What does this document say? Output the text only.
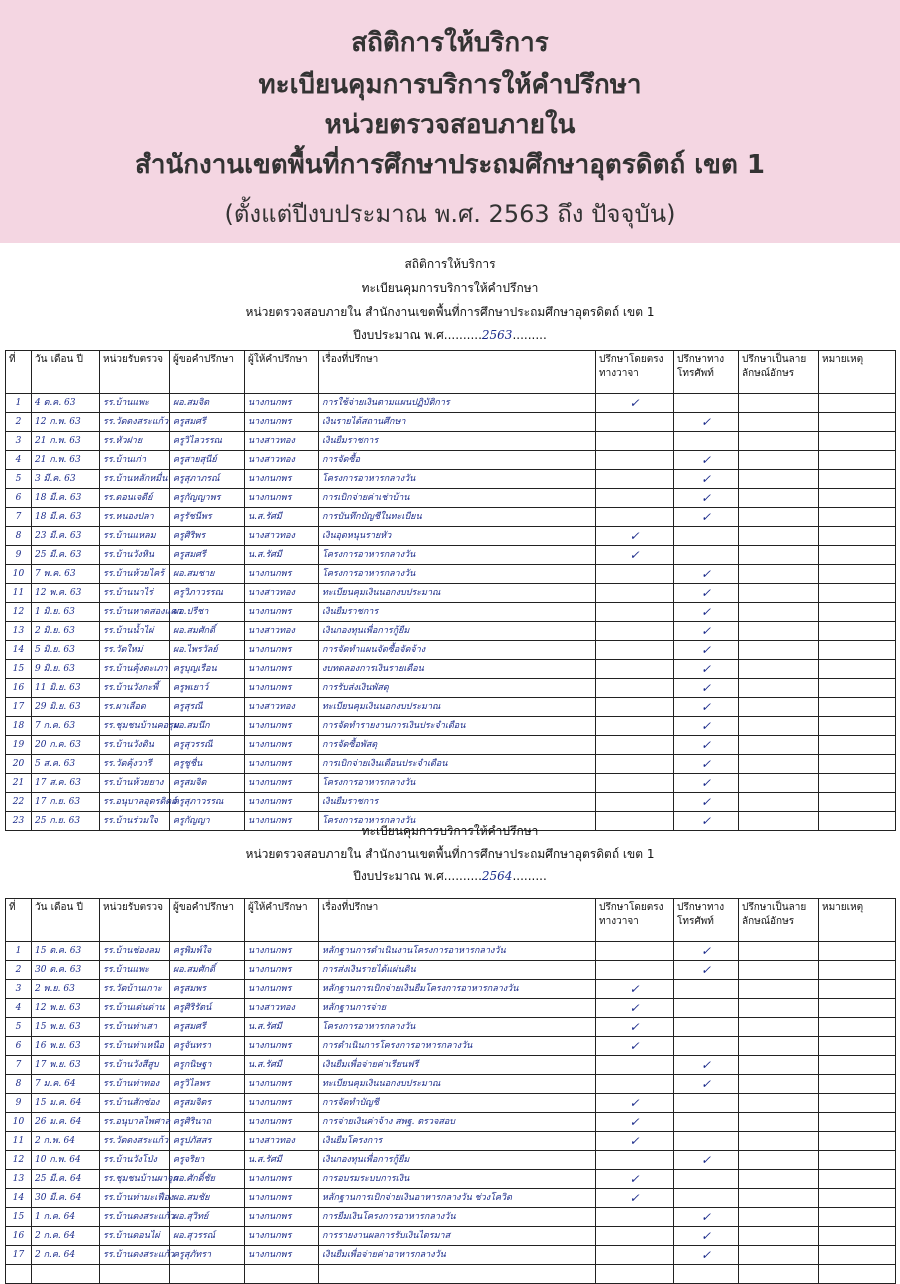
สถิติการให้บริการ
ทะเบียนคุมการบริการให้คำปรึกษา
หน่วยตรวจสอบภายใน
สำนักงานเขตพื้นที่การศึกษาประถมศึกษาอุตรดิตถ์ เขต 1
(ตั้งแต่ปีงบประมาณ พ.ศ. 2563 ถึง ปัจจุบัน)
สถิติการให้บริการ
ทะเบียนคุมการบริการให้คำปรึกษา
หน่วยตรวจสอบภายใน สำนักงานเขตพื้นที่การศึกษาประถมศึกษาอุตรดิตถ์ เขต 1
ปีงบประมาณ พ.ศ..........2563.........
ที่	วัน เดือน ปี	หน่วยรับตรวจ	ผู้ขอคำปรึกษา	ผู้ให้คำปรึกษา	เรื่องที่ปรึกษา	ปรึกษาโดยตรงทางวาจา	ปรึกษาทางโทรศัพท์	ปรึกษาเป็นลายลักษณ์อักษร	หมายเหตุ
1	4 ต.ค. 63	รร.บ้านแพะ	ผอ.สมจิต	นางกนกพร	การใช้จ่ายเงินตามแผนปฏิบัติการ	✓			
2	12 ก.พ. 63	รร.วัดดงสระแก้ว	ครูสมศรี	นางกนกพร	เงินรายได้สถานศึกษา		✓		
3	21 ก.พ. 63	รร.หัวฝาย	ครูวิไลวรรณ	นางสาวทอง	เงินยืมราชการ				
4	21 ก.พ. 63	รร.บ้านเก่า	ครูสายสุนีย์	นางสาวทอง	การจัดซื้อ		✓		
5	3 มี.ค. 63	รร.บ้านหลักหมื่น	ครูสุภาภรณ์	นางกนกพร	โครงการอาหารกลางวัน		✓		
6	18 มี.ค. 63	รร.ดอนเจดีย์	ครูกัญญาพร	นางกนกพร	การเบิกจ่ายค่าเช่าบ้าน		✓		
7	18 มี.ค. 63	รร.หนองปลา	ครูรัชนีพร	น.ส.รัศมี	การบันทึกบัญชีในทะเบียน		✓		
8	23 มี.ค. 63	รร.บ้านแหลม	ครูศิริพร	นางสาวทอง	เงินอุดหนุนรายหัว	✓			
9	25 มี.ค. 63	รร.บ้านวังหิน	ครูสมศรี	น.ส.รัศมี	โครงการอาหารกลางวัน	✓			
10	7 พ.ค. 63	รร.บ้านห้วยไคร้	ผอ.สมชาย	นางกนกพร	โครงการอาหารกลางวัน		✓		
11	12 พ.ค. 63	รร.บ้านนาไร่	ครูวิภาวรรณ	นางสาวทอง	ทะเบียนคุมเงินนอกงบประมาณ		✓		
12	1 มิ.ย. 63	รร.บ้านหาดสองแคว	ผอ.ปรีชา	นางกนกพร	เงินยืมราชการ		✓		
13	2 มิ.ย. 63	รร.บ้านน้ำไผ่	ผอ.สมศักดิ์	นางสาวทอง	เงินกองทุนเพื่อการกู้ยืม		✓		
14	5 มิ.ย. 63	รร.วัดใหม่	ผอ.ไพรวัลย์	นางกนกพร	การจัดทำแผนจัดซื้อจัดจ้าง		✓		
15	9 มิ.ย. 63	รร.บ้านคุ้งตะเภา	ครูบุญเรือน	นางกนกพร	งบทดลองการเงินรายเดือน		✓		
16	11 มิ.ย. 63	รร.บ้านวังกะพี้	ครูพเยาว์	นางกนกพร	การรับส่งเงินพัสดุ		✓		
17	29 มิ.ย. 63	รร.ผาเลือด	ครูสุรณี	นางสาวทอง	ทะเบียนคุมเงินนอกงบประมาณ		✓		
18	7 ก.ค. 63	รร.ชุมชนบ้านคอรุม	ผอ.สมนึก	นางกนกพร	การจัดทำรายงานการเงินประจำเดือน		✓		
19	20 ก.ค. 63	รร.บ้านวังดิน	ครูสุวรรณี	นางกนกพร	การจัดซื้อพัสดุ		✓		
20	5 ส.ค. 63	รร.วัดคุ้งวารี	ครูชูชื่น	นางกนกพร	การเบิกจ่ายเงินเดือนประจำเดือน		✓		
21	17 ส.ค. 63	รร.บ้านห้วยยาง	ครูสมจิต	นางกนกพร	โครงการอาหารกลางวัน		✓		
22	17 ก.ย. 63	รร.อนุบาลอุตรดิตถ์	ครูสุภาวรรณ	นางกนกพร	เงินยืมราชการ		✓		
23	25 ก.ย. 63	รร.บ้านร่วมใจ	ครูกัญญา	นางกนกพร	โครงการอาหารกลางวัน		✓		
ทะเบียนคุมการบริการให้คำปรึกษา
หน่วยตรวจสอบภายใน สำนักงานเขตพื้นที่การศึกษาประถมศึกษาอุตรดิตถ์ เขต 1
ปีงบประมาณ พ.ศ..........2564.........
ที่	วัน เดือน ปี	หน่วยรับตรวจ	ผู้ขอคำปรึกษา	ผู้ให้คำปรึกษา	เรื่องที่ปรึกษา	ปรึกษาโดยตรงทางวาจา	ปรึกษาทางโทรศัพท์	ปรึกษาเป็นลายลักษณ์อักษร	หมายเหตุ
1	15 ต.ค. 63	รร.บ้านช่องลม	ครูพิมพ์ใจ	นางกนกพร	หลักฐานการดำเนินงานโครงการอาหารกลางวัน		✓		
2	30 ต.ค. 63	รร.บ้านแพะ	ผอ.สมศักดิ์	นางกนกพร	การส่งเงินรายได้แผ่นดิน		✓		
3	2 พ.ย. 63	รร.วัดบ้านเกาะ	ครูสมพร	นางกนกพร	หลักฐานการเบิกจ่ายเงินยืมโครงการอาหารกลางวัน	✓			
4	12 พ.ย. 63	รร.บ้านเด่นด่าน	ครูศิริรัตน์	นางสาวทอง	หลักฐานการจ่าย	✓			
5	15 พ.ย. 63	รร.บ้านท่าเสา	ครูสมศรี	น.ส.รัศมี	โครงการอาหารกลางวัน	✓			
6	16 พ.ย. 63	รร.บ้านท่าเหนือ	ครูจันทรา	นางกนกพร	การดำเนินการโครงการอาหารกลางวัน	✓			
7	17 พ.ย. 63	รร.บ้านวังสีสูบ	ครูกนิษฐา	น.ส.รัศมี	เงินยืมเพื่อจ่ายค่าเรียนฟรี		✓		
8	7 ม.ค. 64	รร.บ้านท่าทอง	ครูวิไลพร	นางกนกพร	ทะเบียนคุมเงินนอกงบประมาณ		✓		
9	15 ม.ค. 64	รร.บ้านสักซ่อง	ครูสมจิตร	นางกนกพร	การจัดทำบัญชี	✓			
10	26 ม.ค. 64	รร.อนุบาลไพศาล	ครูศิรินาถ	นางกนกพร	การจ่ายเงินค่าจ้าง สพฐ. ตรวจสอบ	✓			
11	2 ก.พ. 64	รร.วัดดงสระแก้ว	ครูปภัสสร	นางสาวทอง	เงินยืมโครงการ	✓			
12	10 ก.พ. 64	รร.บ้านวังโป่ง	ครูจริยา	น.ส.รัศมี	เงินกองทุนเพื่อการกู้ยืม		✓		
13	25 มี.ค. 64	รร.ชุมชนบ้านผาจุก	ผอ.ศักดิ์ชัย	นางกนกพร	การอบรมระบบการเงิน	✓			
14	30 มี.ค. 64	รร.บ้านท่ามะเฟือง	ผอ.สมชัย	นางกนกพร	หลักฐานการเบิกจ่ายเงินอาหารกลางวัน ช่วงโควิด	✓			
15	1 ก.ค. 64	รร.บ้านดงสระแก้ว	ผอ.สุวิทย์	นางกนกพร	การยืมเงินโครงการอาหารกลางวัน		✓		
16	2 ก.ค. 64	รร.บ้านดอนไผ่	ผอ.สุวรรณ์	นางกนกพร	การรายงานผลการรับเงินไตรมาส		✓		
17	2 ก.ค. 64	รร.บ้านดงสระแก้ว	ครูสุภัทรา	นางกนกพร	เงินยืมเพื่อจ่ายค่าอาหารกลางวัน		✓		
